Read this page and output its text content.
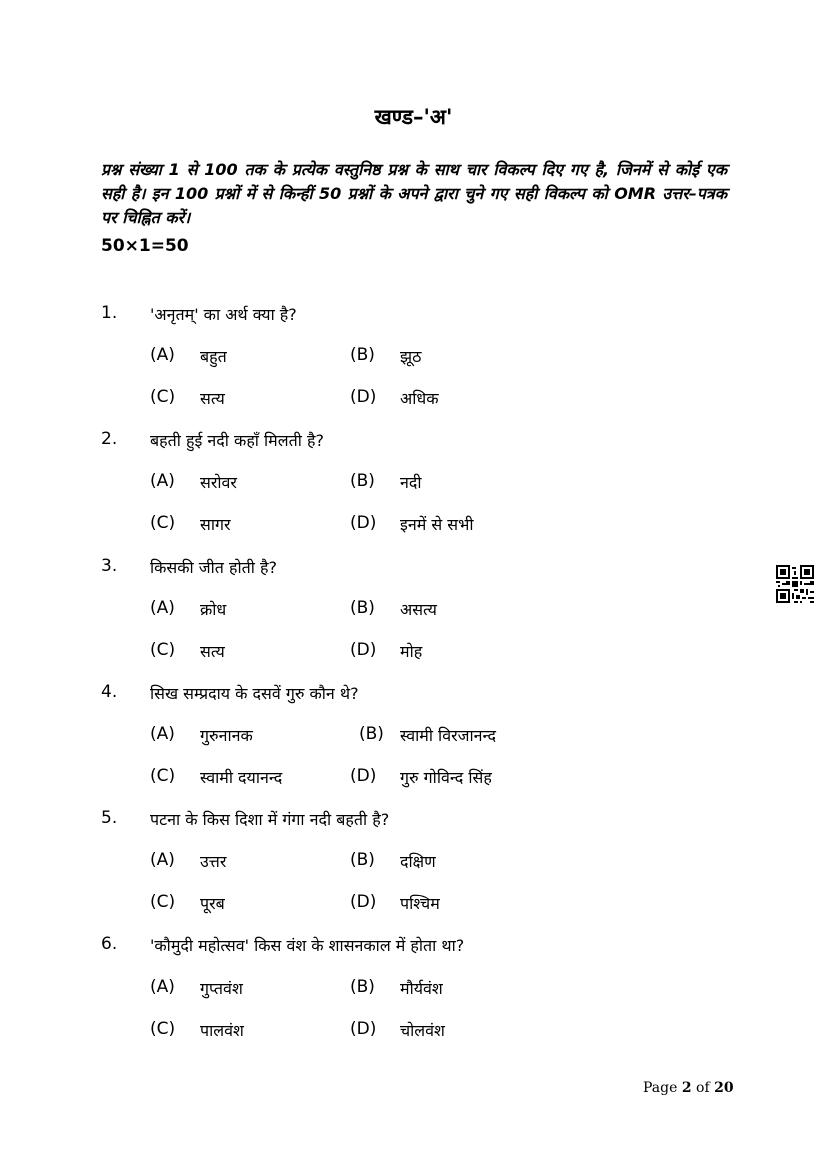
खण्ड–'अ'
प्रश्न संख्या 1 से 100 तक के प्रत्येक वस्तुनिष्ठ प्रश्न के साथ चार विकल्प दिए गए है, जिनमें से कोई एक सही है। इन 100 प्रश्नों में से किन्हीं 50 प्रश्नों के अपने द्वारा चुने गए सही विकल्प को OMR उत्तर–पत्रक पर चिह्नित करें।
50×1=50
1. 'अनृतम्' का अर्थ क्या है?
(A) बहुत	(B) झूठ
(C) सत्य	(D) अधिक
2. बहती हुई नदी कहाँ मिलती है?
(A) सरोवर	(B) नदी
(C) सागर	(D) इनमें से सभी
3. किसकी जीत होती है?
(A) क्रोध	(B) असत्य
(C) सत्य	(D) मोह
4. सिख सम्प्रदाय के दसवें गुरु कौन थे?
(A) गुरुनानक	(B) स्वामी विरजानन्द
(C) स्वामी दयानन्द	(D) गुरु गोविन्द सिंह
5. पटना के किस दिशा में गंगा नदी बहती है?
(A) उत्तर	(B) दक्षिण
(C) पूरब	(D) पश्चिम
6. 'कौमुदी महोत्सव' किस वंश के शासनकाल में होता था?
(A) गुप्तवंश	(B) मौर्यवंश
(C) पालवंश	(D) चोलवंश
Page 2 of 20
